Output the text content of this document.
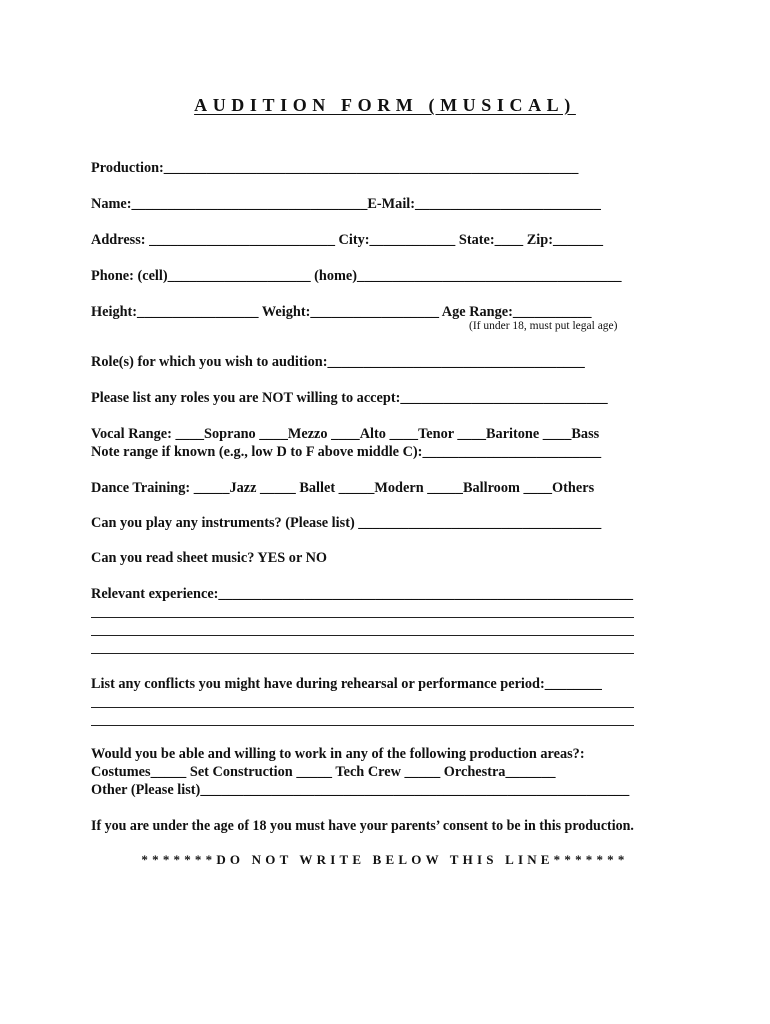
AUDITION FORM (MUSICAL)
Production:__________________________________________________________
Name:_________________________________E-Mail:__________________________
Address: __________________________ City:____________ State:____ Zip:_______
Phone: (cell)____________________ (home)_____________________________________
Height:_________________ Weight:__________________ Age Range:___________
(If under 18, must put legal age)
Role(s) for which you wish to audition:____________________________________
Please list any roles you are NOT willing to accept:_____________________________
Vocal Range: ____Soprano ____Mezzo ____Alto ____Tenor ____Baritone ____Bass
Note range if known (e.g., low D to F above middle C):_________________________
Dance Training: _____Jazz _____ Ballet _____Modern _____Ballroom ____Others
Can you play any instruments? (Please list) __________________________________
Can you read sheet music? YES or NO
Relevant experience:__________________________________________________________
List any conflicts you might have during rehearsal or performance period:________
Would you be able and willing to work in any of the following production areas?:
Costumes_____ Set Construction _____ Tech Crew _____ Orchestra_______
Other (Please list)____________________________________________________________
If you are under the age of 18 you must have your parents’ consent to be in this production.
*******DO NOT WRITE BELOW THIS LINE*******
